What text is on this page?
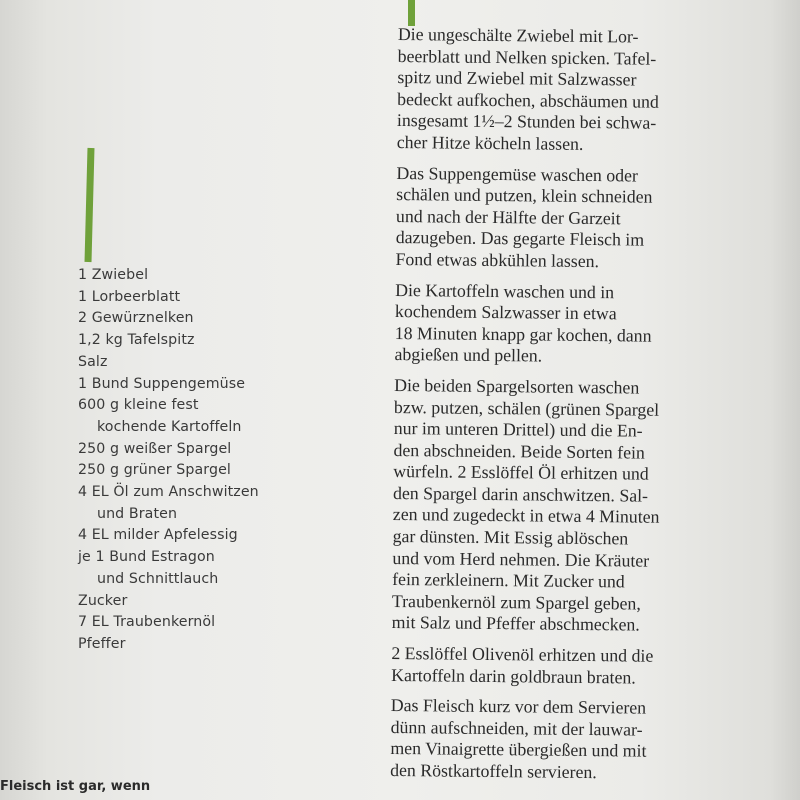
1 Zwiebel
1 Lorbeerblatt
2 Gewürznelken
1,2 kg Tafelspitz
Salz
1 Bund Suppengemüse
600 g kleine fest
kochende Kartoffeln
250 g weißer Spargel
250 g grüner Spargel
4 EL Öl zum Anschwitzen
und Braten
4 EL milder Apfelessig
je 1 Bund Estragon
und Schnittlauch
Zucker
7 EL Traubenkernöl
Pfeffer

Die ungeschälte Zwiebel mit Lor-
beerblatt und Nelken spicken. Tafel-
spitz und Zwiebel mit Salzwasser
bedeckt aufkochen, abschäumen und
insgesamt 1½–2 Stunden bei schwa-
cher Hitze köcheln lassen.

Das Suppengemüse waschen oder
schälen und putzen, klein schneiden
und nach der Hälfte der Garzeit
dazugeben. Das gegarte Fleisch im
Fond etwas abkühlen lassen.

Die Kartoffeln waschen und in
kochendem Salzwasser in etwa
18 Minuten knapp gar kochen, dann
abgießen und pellen.

Die beiden Spargelsorten waschen
bzw. putzen, schälen (grünen Spargel
nur im unteren Drittel) und die En-
den abschneiden. Beide Sorten fein
würfeln. 2 Esslöffel Öl erhitzen und
den Spargel darin anschwitzen. Sal-
zen und zugedeckt in etwa 4 Minuten
gar dünsten. Mit Essig ablöschen
und vom Herd nehmen. Die Kräuter
fein zerkleinern. Mit Zucker und
Traubenkernöl zum Spargel geben,
mit Salz und Pfeffer abschmecken.

2 Esslöffel Olivenöl erhitzen und die
Kartoffeln darin goldbraun braten.

Das Fleisch kurz vor dem Servieren
dünn aufschneiden, mit der lauwar-
men Vinaigrette übergießen und mit
den Röstkartoffeln servieren.

Fleisch ist gar, wenn
